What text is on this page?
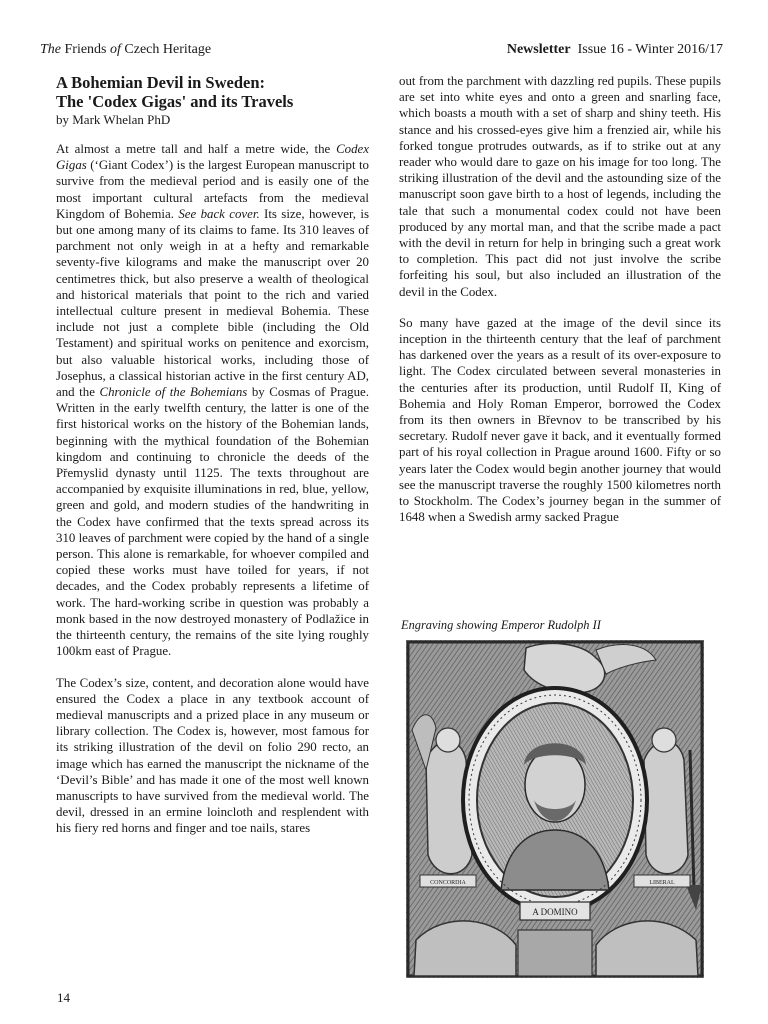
The Friends of Czech Heritage	Newsletter Issue 16 - Winter 2016/17
A Bohemian Devil in Sweden:
The 'Codex Gigas' and its Travels

by Mark Whelan PhD

At almost a metre tall and half a metre wide, the Codex Gigas (‘Giant Codex’) is the largest European manuscript to survive from the medieval period and is easily one of the most important cultural artefacts from the medieval Kingdom of Bohemia. See back cover. Its size, however, is but one among many of its claims to fame. Its 310 leaves of parchment not only weigh in at a hefty and remarkable seventy-five kilograms and make the manuscript over 20 centimetres thick, but also preserve a wealth of theological and historical materials that point to the rich and varied intellectual culture present in medieval Bohemia. These include not just a complete bible (including the Old Testament) and spiritual works on penitence and exorcism, but also valuable historical works, including those of Josephus, a classical historian active in the first century AD, and the Chronicle of the Bohemians by Cosmas of Prague. Written in the early twelfth century, the latter is one of the first historical works on the history of the Bohemian lands, beginning with the mythical foundation of the Bohemian kingdom and continuing to chronicle the deeds of the Přemyslid dynasty until 1125. The texts throughout are accompanied by exquisite illuminations in red, blue, yellow, green and gold, and modern studies of the handwriting in the Codex have confirmed that the texts spread across its 310 leaves of parchment were copied by the hand of a single person. This alone is remarkable, for whoever compiled and copied these works must have toiled for years, if not decades, and the Codex probably represents a lifetime of work. The hard-working scribe in question was probably a monk based in the now destroyed monastery of Podlažice in the thirteenth century, the remains of the site lying roughly 100km east of Prague.

The Codex’s size, content, and decoration alone would have ensured the Codex a place in any textbook account of medieval manuscripts and a prized place in any museum or library collection. The Codex is, however, most famous for its striking illustration of the devil on folio 290 recto, an image which has earned the manuscript the nickname of the ‘Devil’s Bible’ and has made it one of the most well known manuscripts to have survived from the medieval world. The devil, dressed in an ermine loincloth and resplendent with his fiery red horns and finger and toe nails, stares

out from the parchment with dazzling red pupils. These pupils are set into white eyes and onto a green and snarling face, which boasts a mouth with a set of sharp and shiny teeth. His stance and his crossed-eyes give him a frenzied air, while his forked tongue protrudes outwards, as if to strike out at any reader who would dare to gaze on his image for too long. The striking illustration of the devil and the astounding size of the manuscript soon gave birth to a host of legends, including the tale that such a monumental codex could not have been produced by any mortal man, and that the scribe made a pact with the devil in return for help in bringing such a great work to completion. This pact did not just involve the scribe forfeiting his soul, but also included an illustration of the devil in the Codex.

So many have gazed at the image of the devil since its inception in the thirteenth century that the leaf of parchment has darkened over the years as a result of its over-exposure to light. The Codex circulated between several monasteries in the centuries after its production, until Rudolf II, King of Bohemia and Holy Roman Emperor, borrowed the Codex from its then owners in Břevnov to be transcribed by his secretary. Rudolf never gave it back, and it eventually formed part of his royal collection in Prague around 1600. Fifty or so years later the Codex would begin another journey that would see the manuscript traverse the roughly 1500 kilometres north to Stockholm. The Codex’s journey began in the summer of 1648 when a Swedish army sacked Prague

Engraving showing Emperor Rudolph II
A DOMINO
CONCORDIA	LIBERAL
14
